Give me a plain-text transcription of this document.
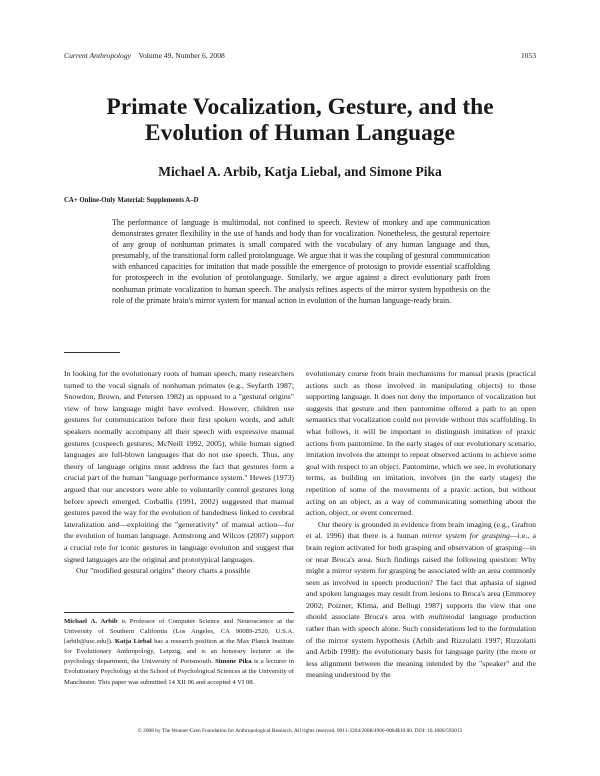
Current Anthropology Volume 49, Number 6, 2008	1053
Primate Vocalization, Gesture, and the
Evolution of Human Language
Michael A. Arbib, Katja Liebal, and Simone Pika
CA+ Online-Only Material: Supplements A–D

The performance of language is multimodal, not confined to speech. Review of monkey and ape communication demonstrates greater flexibility in the use of hands and body than for vocalization. Nonetheless, the gestural repertoire of any group of nonhuman primates is small compared with the vocabulary of any human language and thus, presumably, of the transitional form called protolanguage. We argue that it was the coupling of gestural communication with enhanced capacities for imitation that made possible the emergence of protosign to provide essential scaffolding for protospeech in the evolution of protolanguage. Similarly, we argue against a direct evolutionary path from nonhuman primate vocalization to human speech. The analysis refines aspects of the mirror system hypothesis on the role of the primate brain's mirror system for manual action in evolution of the human language-ready brain.

In looking for the evolutionary roots of human speech, many researchers turned to the vocal signals of nonhuman primates (e.g., Seyfarth 1987; Snowdon, Brown, and Petersen 1982) as opposed to a "gestural origins" view of how language might have evolved. However, children use gestures for communication before their first spoken words, and adult speakers normally accompany all their speech with expressive manual gestures (cospeech gestures; McNeill 1992, 2005), while human signed languages are full-blown languages that do not use speech. Thus, any theory of language origins must address the fact that gestures form a crucial part of the human "language performance system." Hewes (1973) argued that our ancestors were able to voluntarily control gestures long before speech emerged. Corballis (1991, 2002) suggested that manual gestures paved the way for the evolution of handedness linked to cerebral lateralization and—exploiting the "generativity" of manual action—for the evolution of human language. Armstrong and Wilcox (2007) support a crucial role for iconic gestures in language evolution and suggest that signed languages are the original and prototypical languages.

Our "modified gestural origins" theory charts a possible

evolutionary course from brain mechanisms for manual praxis (practical actions such as those involved in manipulating objects) to those supporting language. It does not deny the importance of vocalization but suggests that gesture and then pantomime offered a path to an open semantics that vocalization could not provide without this scaffolding. In what follows, it will be important to distinguish imitation of praxic actions from pantomime. In the early stages of our evolutionary scenario, imitation involves the attempt to repeat observed actions to achieve some goal with respect to an object. Pantomime, which we see, in evolutionary terms, as building on imitation, involves (in the early stages) the repetition of some of the movements of a praxic action, but without acting on an object, as a way of communicating something about the action, object, or event concerned.

Our theory is grounded in evidence from brain imaging (e.g., Grafton et al. 1996) that there is a human mirror system for grasping—i.e., a brain region activated for both grasping and observation of grasping—in or near Broca's area. Such findings raised the following question: Why might a mirror system for grasping be associated with an area commonly seen as involved in speech production? The fact that aphasia of signed and spoken languages may result from lesions to Broca's area (Emmorey 2002; Poizner, Klima, and Bellugi 1987) supports the view that one should associate Broca's area with multimodal language production rather than with speech alone. Such considerations led to the formulation of the mirror system hypothesis (Arbib and Rizzolatti 1997; Rizzolatti and Arbib 1998): the evolutionary basis for language parity (the more or less alignment between the meaning intended by the "speaker" and the meaning understood by the

Michael A. Arbib is Professor of Computer Science and Neuroscience at the University of Southern California (Los Angeles, CA 90089-2520, U.S.A. [arbib@usc.edu]). Katja Liebal has a research position at the Max Planck Institute for Evolutionary Anthropology, Leipzig, and is an honorary lecturer at the psychology department, the University of Portsmouth. Simone Pika is a lecturer in Evolutionary Psychology at the School of Psychological Sciences at the University of Manchester. This paper was submitted 14 XII 06 and accepted 4 VI 08.

© 2008 by The Wenner-Gren Foundation for Anthropological Research. All rights reserved. 0011-3204/2008/4906-0004$10.00. DOI: 10.1086/593015
